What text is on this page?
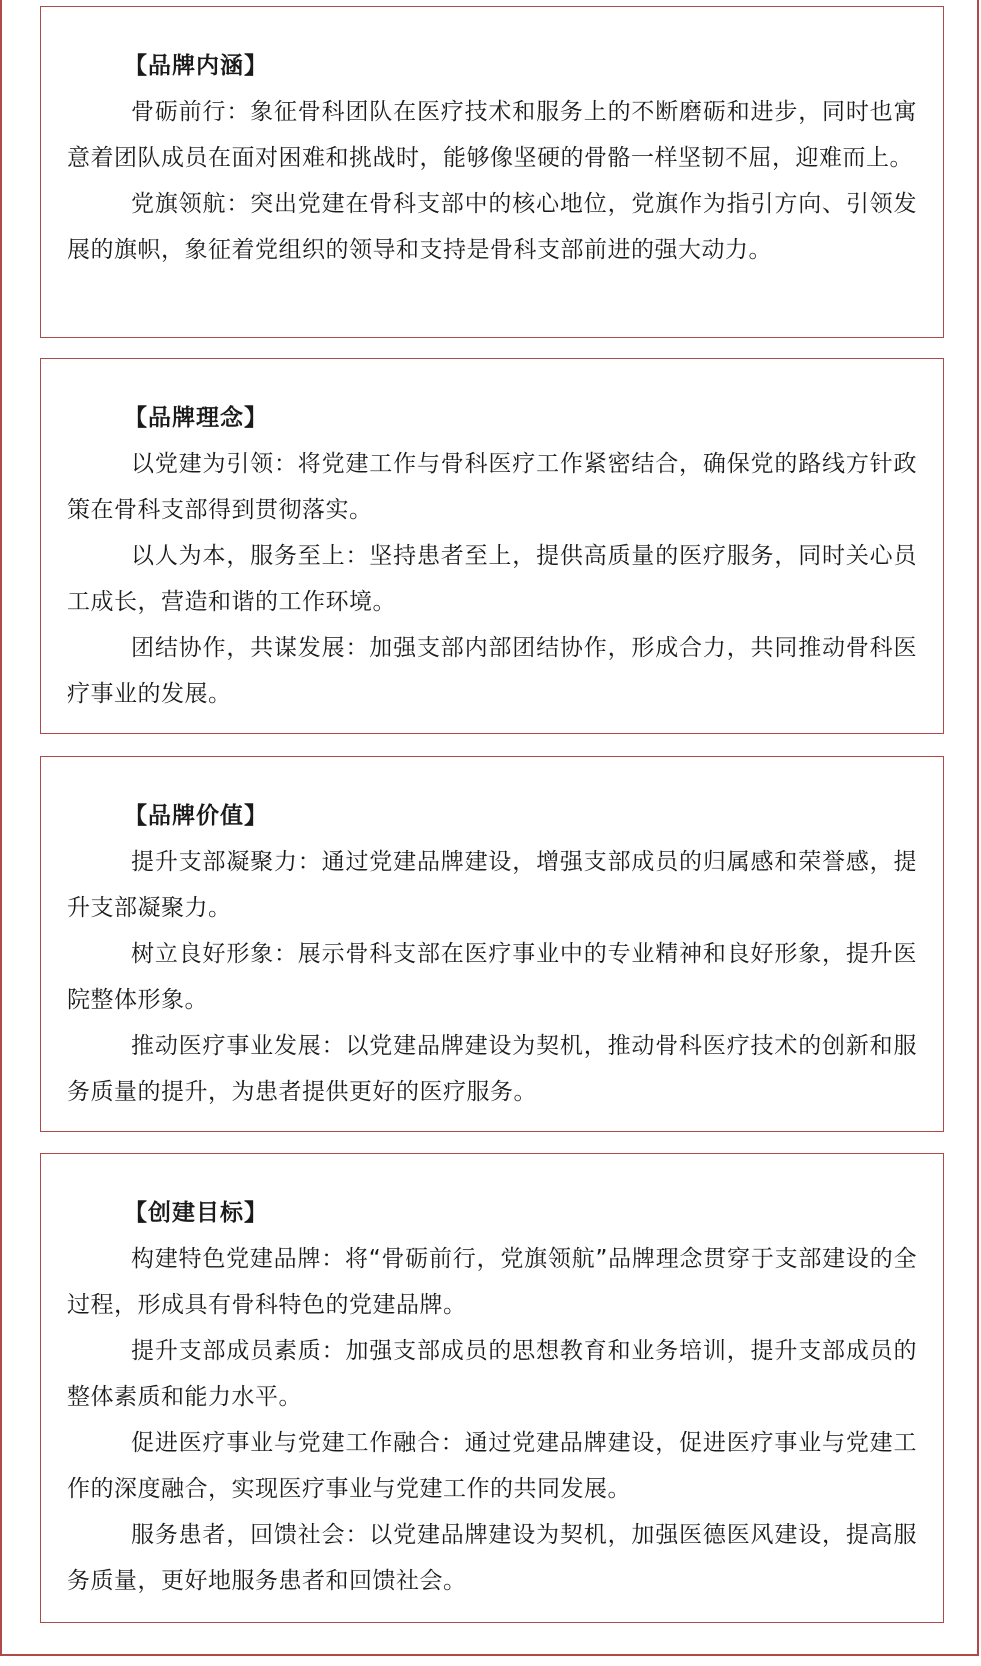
【品牌内涵】

骨砺前行：象征骨科团队在医疗技术和服务上的不断磨砺和进步，同时也寓意着团队成员在面对困难和挑战时，能够像坚硬的骨骼一样坚韧不屈，迎难而上。

党旗领航：突出党建在骨科支部中的核心地位，党旗作为指引方向、引领发展的旗帜，象征着党组织的领导和支持是骨科支部前进的强大动力。

【品牌理念】

以党建为引领：将党建工作与骨科医疗工作紧密结合，确保党的路线方针政策在骨科支部得到贯彻落实。

以人为本，服务至上：坚持患者至上，提供高质量的医疗服务，同时关心员工成长，营造和谐的工作环境。

团结协作，共谋发展：加强支部内部团结协作，形成合力，共同推动骨科医疗事业的发展。

【品牌价值】

提升支部凝聚力：通过党建品牌建设，增强支部成员的归属感和荣誉感，提升支部凝聚力。

树立良好形象：展示骨科支部在医疗事业中的专业精神和良好形象，提升医院整体形象。

推动医疗事业发展：以党建品牌建设为契机，推动骨科医疗技术的创新和服务质量的提升，为患者提供更好的医疗服务。

【创建目标】

构建特色党建品牌：将“骨砺前行，党旗领航”品牌理念贯穿于支部建设的全过程，形成具有骨科特色的党建品牌。

提升支部成员素质：加强支部成员的思想教育和业务培训，提升支部成员的整体素质和能力水平。

促进医疗事业与党建工作融合：通过党建品牌建设，促进医疗事业与党建工作的深度融合，实现医疗事业与党建工作的共同发展。

服务患者，回馈社会：以党建品牌建设为契机，加强医德医风建设，提高服务质量，更好地服务患者和回馈社会。
